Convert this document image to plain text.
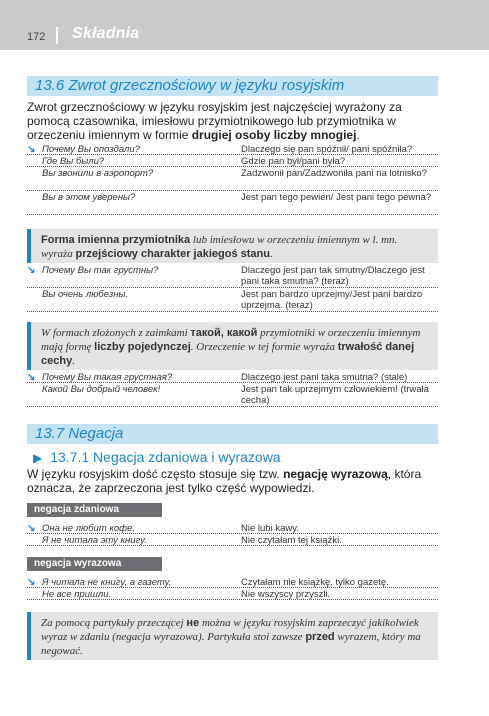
172 Składnia
13.6 Zwrot grzecznościowy w języku rosyjskim

Zwrot grzecznościowy w języku rosyjskim jest najczęściej wyrażony za pomocą czasownika, imiesłowu przymiotnikowego lub przymiotnika w orzeczeniu imiennym w formie drugiej osoby liczby mnogiej.

↘ Почему Вы опоздали?	Dlaczego się pan spóźnił/ pani spóźniła?
Где Вы были?	Gdzie pan był/pani była?
Вы звонили в аэропорт?	Zadzwonił pan/Zadzwoniła pani na lotnisko?
Вы в этом уверены?	Jest pan tego pewien/ Jest pani tego pewna?
Forma imienna przymiotnika lub imiesłowu w orzeczeniu imiennym w l. mn. wyraża przejściowy charakter jakiegoś stanu.
↘ Почему Вы так грустны?	Dlaczego jest pan tak smutny/Dlaczego jest pani taka smutna? (teraz)
Вы очень любезны.	Jest pan bardzo uprzejmy/Jest pani bardzo uprzejma. (teraz)
W formach złożonych z zaimkami такой, какой przymiotniki w orzeczeniu imiennym mają formę liczby pojedynczej. Orzeczenie w tej formie wyraża trwałość danej cechy.
↘ Почему Вы такая грустная?	Dlaczego jest pani taka smutna? (stale)
Какой Вы добрый человек!	Jest pan tak uprzejmym człowiekiem! (trwała cecha)
13.7 Negacja
▶ 13.7.1 Negacja zdaniowa i wyrazowa

W języku rosyjskim dość często stosuje się tzw. negację wyrazową, która oznacza, że zaprzeczona jest tylko część wypowiedzi.

negacja zdaniowa
↘ Она не любит кофе.	Nie lubi kawy.
Я не читала эту книгу.	Nie czytałam tej książki.
negacja wyrazowa
↘ Я читала не книгу, а газету.	Czytałam nie książkę, tylko gazetę.
Не все пришли.	Nie wszyscy przyszli.
Za pomocą partykuły przeczącej не można w języku rosyjskim zaprzeczyć jakikolwiek wyraz w zdaniu (negacja wyrazowa). Partykuła stoi zawsze przed wyrazem, który ma negować.
